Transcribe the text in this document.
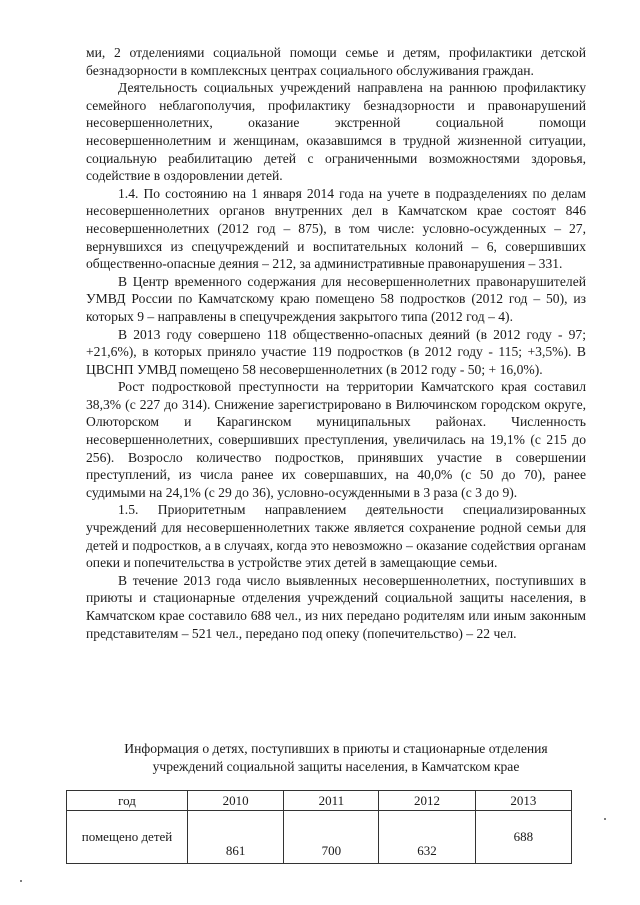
ми, 2 отделениями социальной помощи семье и детям, профилактики детской безнадзорности в комплексных центрах социального обслуживания граждан.

Деятельность социальных учреждений направлена на раннюю профилактику семейного неблагополучия, профилактику безнадзорности и правонарушений несовершеннолетних, оказание экстренной социальной помощи несовершеннолетним и женщинам, оказавшимся в трудной жизненной ситуации, социальную реабилитацию детей с ограниченными возможностями здоровья, содействие в оздоровлении детей.

1.4. По состоянию на 1 января 2014 года на учете в подразделениях по делам несовершеннолетних органов внутренних дел в Камчатском крае состоят 846 несовершеннолетних (2012 год – 875), в том числе: условно-осужденных – 27, вернувшихся из спецучреждений и воспитательных колоний – 6, совершивших общественно-опасные деяния – 212, за административные правонарушения – 331.

В Центр временного содержания для несовершеннолетних правонарушителей УМВД России по Камчатскому краю помещено 58 подростков (2012 год – 50), из которых 9 – направлены в спецучреждения закрытого типа (2012 год – 4).

В 2013 году совершено 118 общественно-опасных деяний (в 2012 году - 97; +21,6%), в которых приняло участие 119 подростков (в 2012 году - 115; +3,5%). В ЦВСНП УМВД помещено 58 несовершеннолетних (в 2012 году - 50; + 16,0%).

Рост подростковой преступности на территории Камчатского края составил 38,3% (с 227 до 314). Снижение зарегистрировано в Вилючинском городском округе, Олюторском и Карагинском муниципальных районах. Численность несовершеннолетних, совершивших преступления, увеличилась на 19,1% (с 215 до 256). Возросло количество подростков, принявших участие в совершении преступлений, из числа ранее их совершавших, на 40,0% (с 50 до 70), ранее судимыми на 24,1% (с 29 до 36), условно-осужденными в 3 раза (с 3 до 9).

1.5. Приоритетным направлением деятельности специализированных учреждений для несовершеннолетних также является сохранение родной семьи для детей и подростков, а в случаях, когда это невозможно – оказание содействия органам опеки и попечительства в устройстве этих детей в замещающие семьи.

В течение 2013 года число выявленных несовершеннолетних, поступивших в приюты и стационарные отделения учреждений социальной защиты населения, в Камчатском крае составило 688 чел., из них передано родителям или иным законным представителям – 521 чел., передано под опеку (попечительство) – 22 чел.

Информация о детях, поступивших в приюты и стационарные отделения
учреждений социальной защиты населения, в Камчатском крае
год	2010	2011	2012	2013
помещено детей	861	700	632	688
